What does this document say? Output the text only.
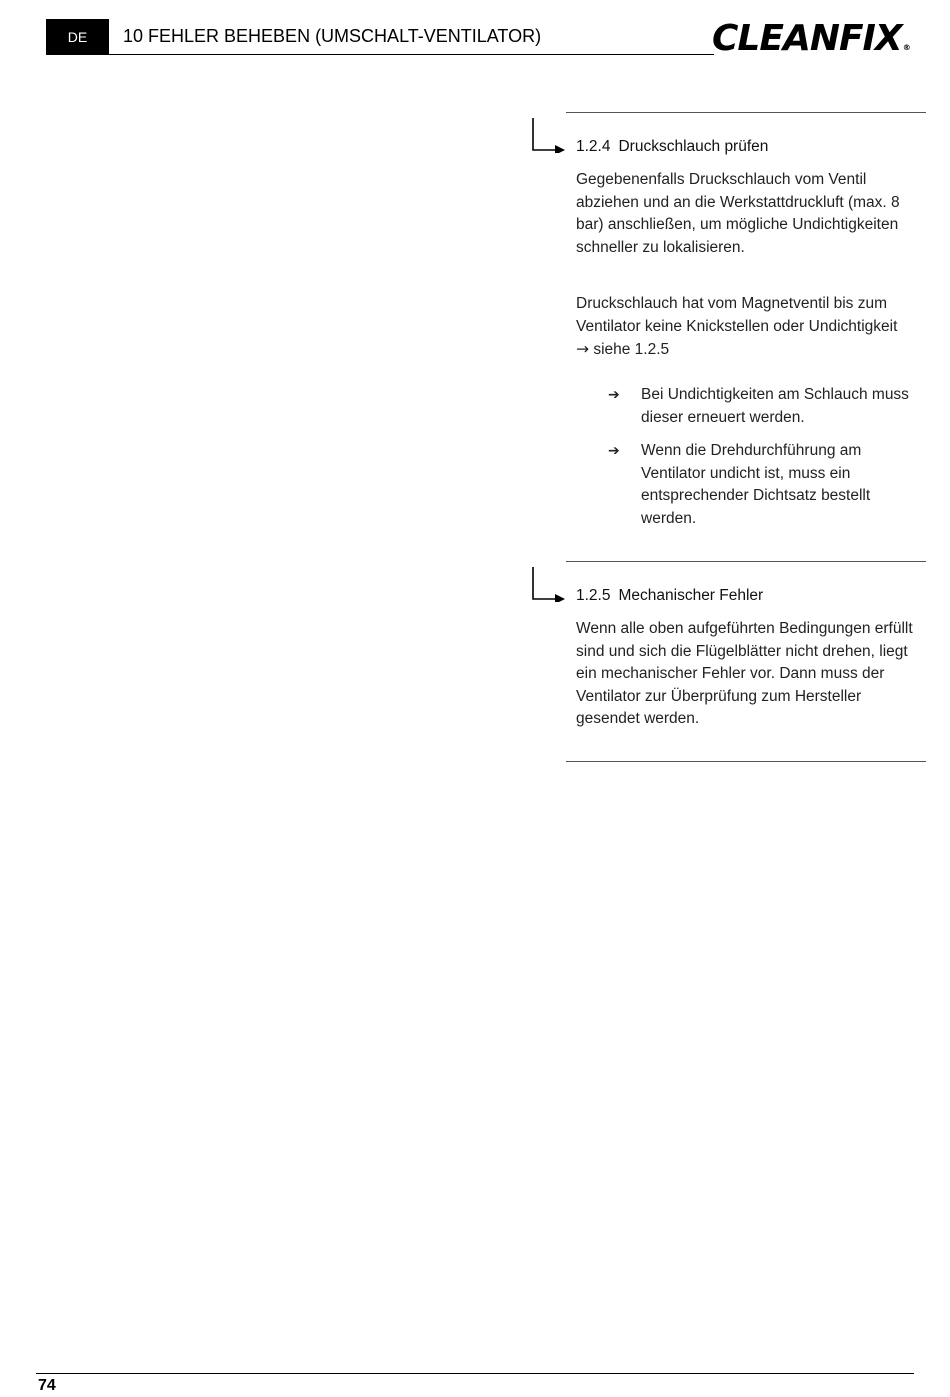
DE 10 FEHLER BEHEBEN (UMSCHALT-VENTILATOR)	CLEANFIX®
1.2.4 Druckschlauch prüfen

Gegebenenfalls Druckschlauch vom Ventil abziehen und an die Werkstattdruckluft (max. 8 bar) anschließen, um mögliche Undichtigkeiten schneller zu lokalisieren.

Druckschlauch hat vom Magnetventil bis zum Ventilator keine Knickstellen oder Undichtigkeit
→ siehe 1.2.5
➔ Bei Undichtigkeiten am Schlauch muss dieser erneuert werden.
➔ Wenn die Drehdurchführung am Ventilator undicht ist, muss ein entsprechender Dichtsatz bestellt werden.
1.2.5 Mechanischer Fehler

Wenn alle oben aufgeführten Bedingungen erfüllt sind und sich die Flügelblätter nicht drehen, liegt ein mechanischer Fehler vor. Dann muss der Ventilator zur Überprüfung zum Hersteller gesendet werden.

74
